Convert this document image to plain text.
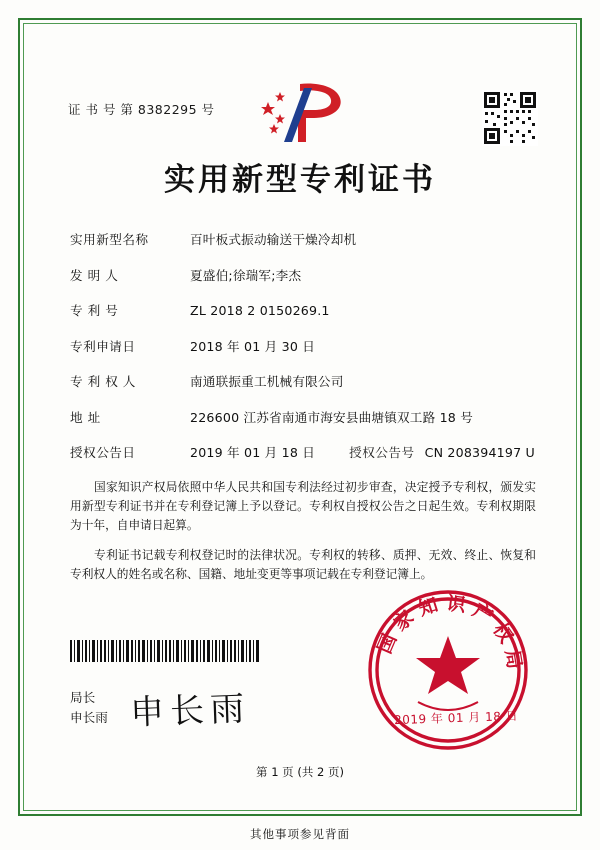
证 书 号 第 8382295 号
实用新型专利证书
实用新型名称	百叶板式振动输送干燥冷却机
发 明 人	夏盛伯;徐瑞军;李杰
专 利 号	ZL 2018 2 0150269.1
专利申请日	2018 年 01 月 30 日
专 利 权 人	南通联振重工机械有限公司
地 址	226600 江苏省南通市海安县曲塘镇双工路 18 号
授权公告日	2019 年 01 月 18 日	授权公告号 CN 208394197 U

国家知识产权局依照中华人民共和国专利法经过初步审查，决定授予专利权，颁发实用新型专利证书并在专利登记簿上予以登记。专利权自授权公告之日起生效。专利权期限为十年，自申请日起算。

专利证书记载专利权登记时的法律状况。专利权的转移、质押、无效、终止、恢复和专利权人的姓名或名称、国籍、地址变更等事项记载在专利登记簿上。

局长
申长雨 申长雨
国 家 知 识 产 权 局
2019 年 01 月 18 日
第 1 页 (共 2 页)
其他事项参见背面
